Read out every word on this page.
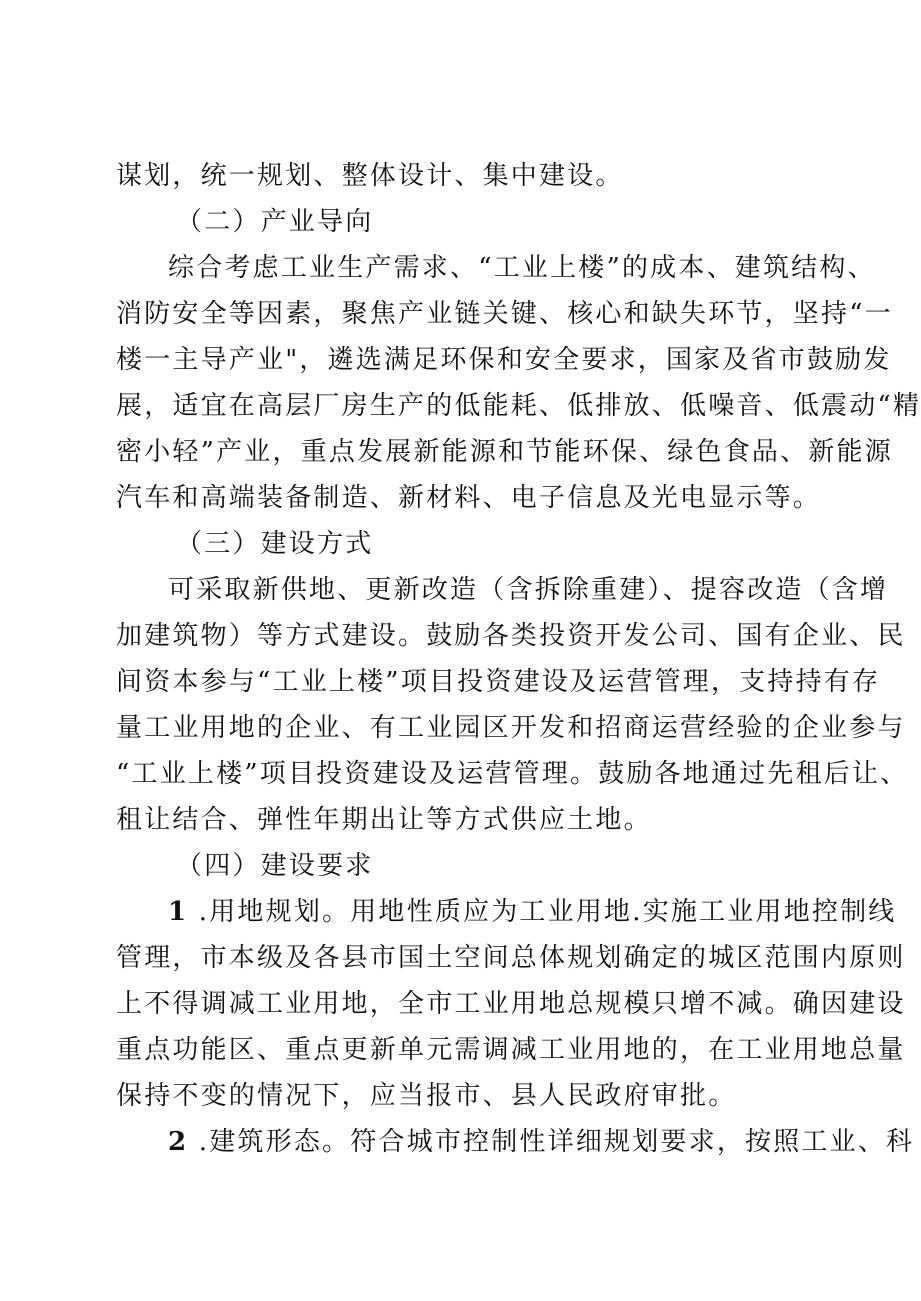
谋划，统一规划、整体设计、集中建设。
（二）产业导向
综合考虑工业生产需求、“工业上楼”的成本、建筑结构、
消防安全等因素，聚焦产业链关键、核心和缺失环节，坚持“一
楼一主导产业"，遴选满足环保和安全要求，国家及省市鼓励发
展，适宜在高层厂房生产的低能耗、低排放、低噪音、低震动“精
密小轻”产业，重点发展新能源和节能环保、绿色食品、新能源
汽车和高端装备制造、新材料、电子信息及光电显示等。
（三）建设方式
可采取新供地、更新改造（含拆除重建）、提容改造（含增
加建筑物）等方式建设。鼓励各类投资开发公司、国有企业、民
间资本参与“工业上楼”项目投资建设及运营管理，支持持有存
量工业用地的企业、有工业园区开发和招商运营经验的企业参与
“工业上楼”项目投资建设及运营管理。鼓励各地通过先租后让、
租让结合、弹性年期出让等方式供应土地。
（四）建设要求
1 .用地规划。用地性质应为工业用地.实施工业用地控制线
管理，市本级及各县市国土空间总体规划确定的城区范围内原则
上不得调减工业用地，全市工业用地总规模只增不减。确因建设
重点功能区、重点更新单元需调减工业用地的，在工业用地总量
保持不变的情况下，应当报市、县人民政府审批。
2 .建筑形态。符合城市控制性详细规划要求，按照工业、科
